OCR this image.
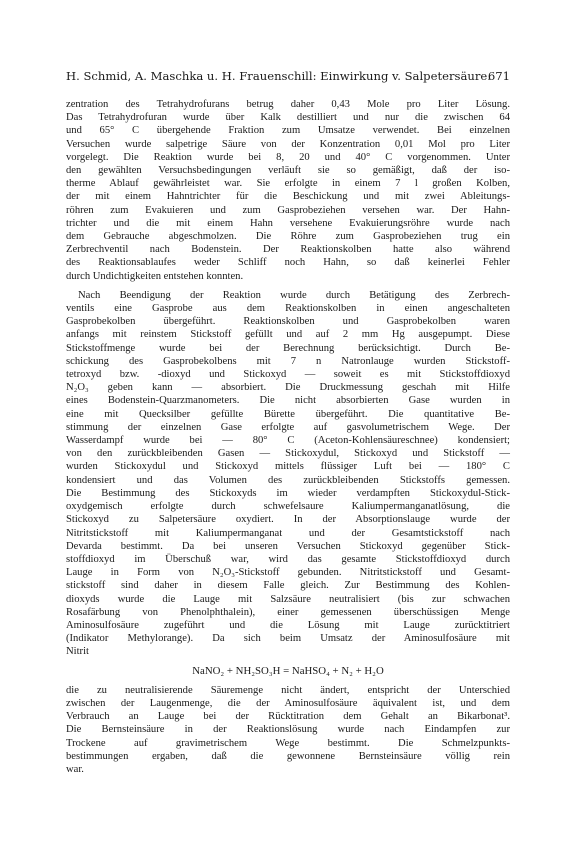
H. Schmid, A. Maschka u. H. Frauenschill: Einwirkung v. Salpetersäure.
671
zentration des Tetrahydrofurans betrug daher 0,43 Mole pro Liter Lösung.
Das Tetrahydrofuran wurde über Kalk destilliert und nur die zwischen 64
und 65° C übergehende Fraktion zum Umsatze verwendet. Bei einzelnen
Versuchen wurde salpetrige Säure von der Konzentration 0,01 Mol pro Liter
vorgelegt. Die Reaktion wurde bei 8, 20 und 40° C vorgenommen. Unter
den gewählten Versuchsbedingungen verläuft sie so gemäßigt, daß der iso-
therme Ablauf gewährleistet war. Sie erfolgte in einem 7 l großen Kolben,
der mit einem Hahntrichter für die Beschickung und mit zwei Ableitungs-
röhren zum Evakuieren und zum Gasprobeziehen versehen war. Der Hahn-
trichter und die mit einem Hahn versehene Evakuierungsröhre wurde nach
dem Gebrauche abgeschmolzen. Die Röhre zum Gasprobeziehen trug ein
Zerbrechventil nach Bodenstein. Der Reaktionskolben hatte also während
des Reaktionsablaufes weder Schliff noch Hahn, so daß keinerlei Fehler
durch Undichtigkeiten entstehen konnten.
Nach Beendigung der Reaktion wurde durch Betätigung des Zerbrech-
ventils eine Gasprobe aus dem Reaktionskolben in einen angeschalteten
Gasprobekolben übergeführt. Reaktionskolben und Gasprobekolben waren
anfangs mit reinstem Stickstoff gefüllt und auf 2 mm Hg ausgepumpt. Diese
Stickstoffmenge wurde bei der Berechnung berücksichtigt. Durch Be-
schickung des Gasprobekolbens mit 7 n Natronlauge wurden Stickstoff-
tetroxyd bzw. -dioxyd und Stickoxyd — soweit es mit Stickstoffdioxyd
N₂O₃ geben kann — absorbiert. Die Druckmessung geschah mit Hilfe
eines Bodenstein-Quarzmanometers. Die nicht absorbierten Gase wurden in
eine mit Quecksilber gefüllte Bürette übergeführt. Die quantitative Be-
stimmung der einzelnen Gase erfolgte auf gasvolumetrischem Wege. Der
Wasserdampf wurde bei — 80° C (Aceton-Kohlensäureschnee) kondensiert;
von den zurückbleibenden Gasen — Stickoxydul, Stickoxyd und Stickstoff —
wurden Stickoxydul und Stickoxyd mittels flüssiger Luft bei — 180° C
kondensiert und das Volumen des zurückbleibenden Stickstoffs gemessen.
Die Bestimmung des Stickoxyds im wieder verdampften Stickoxydul-Stick-
oxydgemisch erfolgte durch schwefelsaure Kaliumpermanganatlösung, die
Stickoxyd zu Salpetersäure oxydiert. In der Absorptionslauge wurde der
Nitritstickstoff mit Kaliumpermanganat und der Gesamtstickstoff nach
Devarda bestimmt. Da bei unseren Versuchen Stickoxyd gegenüber Stick-
stoffdioxyd im Überschuß war, wird das gesamte Stickstoffdioxyd durch
Lauge in Form von N₂O₃-Stickstoff gebunden. Nitritstickstoff und Gesamt-
stickstoff sind daher in diesem Falle gleich. Zur Bestimmung des Kohlen-
dioxyds wurde die Lauge mit Salzsäure neutralisiert (bis zur schwachen
Rosafärbung von Phenolphthalein), einer gemessenen überschüssigen Menge
Aminosulfosäure zugeführt und die Lösung mit Lauge zurücktitriert
(Indikator Methylorange). Da sich beim Umsatz der Aminosulfosäure mit
Nitrit
NaNO₂ + NH₂SO₃H = NaHSO₄ + N₂ + H₂O
die zu neutralisierende Säuremenge nicht ändert, entspricht der Unterschied
zwischen der Laugenmenge, die der Aminosulfosäure äquivalent ist, und dem
Verbrauch an Lauge bei der Rücktitration dem Gehalt an Bikarbonat³.
Die Bernsteinsäure in der Reaktionslösung wurde nach Eindampfen zur
Trockene auf gravimetrischem Wege bestimmt. Die Schmelzpunkts-
bestimmungen ergaben, daß die gewonnene Bernsteinsäure völlig rein
war.
